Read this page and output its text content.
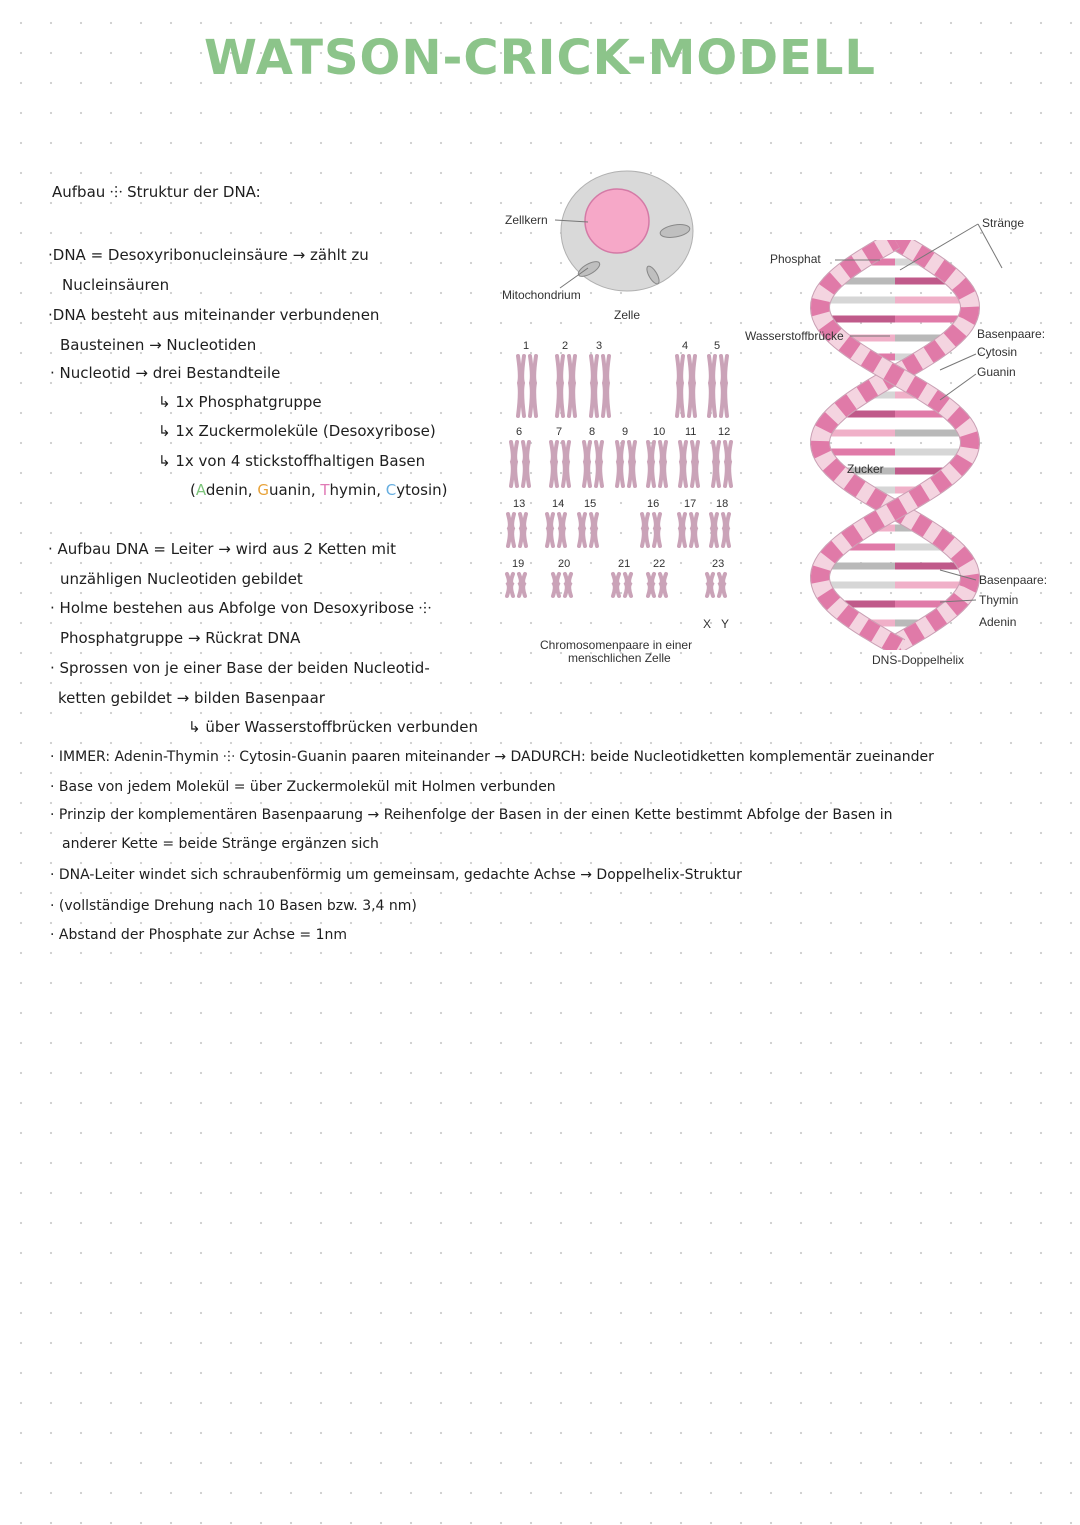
WATSON-CRICK-MODELL
Aufbau ⸭ Struktur der DNA:
·DNA = Desoxyribonucleinsäure → zählt zu
Nucleinsäuren
·DNA besteht aus miteinander verbundenen
Bausteinen → Nucleotiden
· Nucleotid → drei Bestandteile
↳ 1x Phosphatgruppe
↳ 1x Zuckermoleküle (Desoxyribose)
↳ 1x von 4 stickstoffhaltigen Basen
(Adenin, Guanin, Thymin, Cytosin)
· Aufbau DNA = Leiter → wird aus 2 Ketten mit
unzähligen Nucleotiden gebildet
· Holme bestehen aus Abfolge von Desoxyribose ⸭
Phosphatgruppe → Rückrat DNA
· Sprossen von je einer Base der beiden Nucleotid-
ketten gebildet → bilden Basenpaar
↳ über Wasserstoffbrücken verbunden
· IMMER: Adenin-Thymin ⸭ Cytosin-Guanin paaren miteinander → DADURCH: beide Nucleotidketten komplementär zueinander
· Base von jedem Molekül = über Zuckermolekül mit Holmen verbunden
· Prinzip der komplementären Basenpaarung → Reihenfolge der Basen in der einen Kette bestimmt Abfolge der Basen in
anderer Kette = beide Stränge ergänzen sich
· DNA-Leiter windet sich schraubenförmig um gemeinsam, gedachte Achse → Doppelhelix-Struktur
· (vollständige Drehung nach 10 Basen bzw. 3,4 nm)
· Abstand der Phosphate zur Achse = 1nm
Zellkern
Mitochondrium
Zelle
1	2	3	4 5
6	7 8 9 10 11 12
13 14 15	16 17 18
19	20	21 22	23
X Y
Chromosomenpaare in einer
menschlichen Zelle
Phosphat
Stränge
Wasserstoffbrücke	Basenpaare:
Cytosin
Guanin
Zucker
Basenpaare:
Thymin
Adenin
DNS-Doppelhelix
